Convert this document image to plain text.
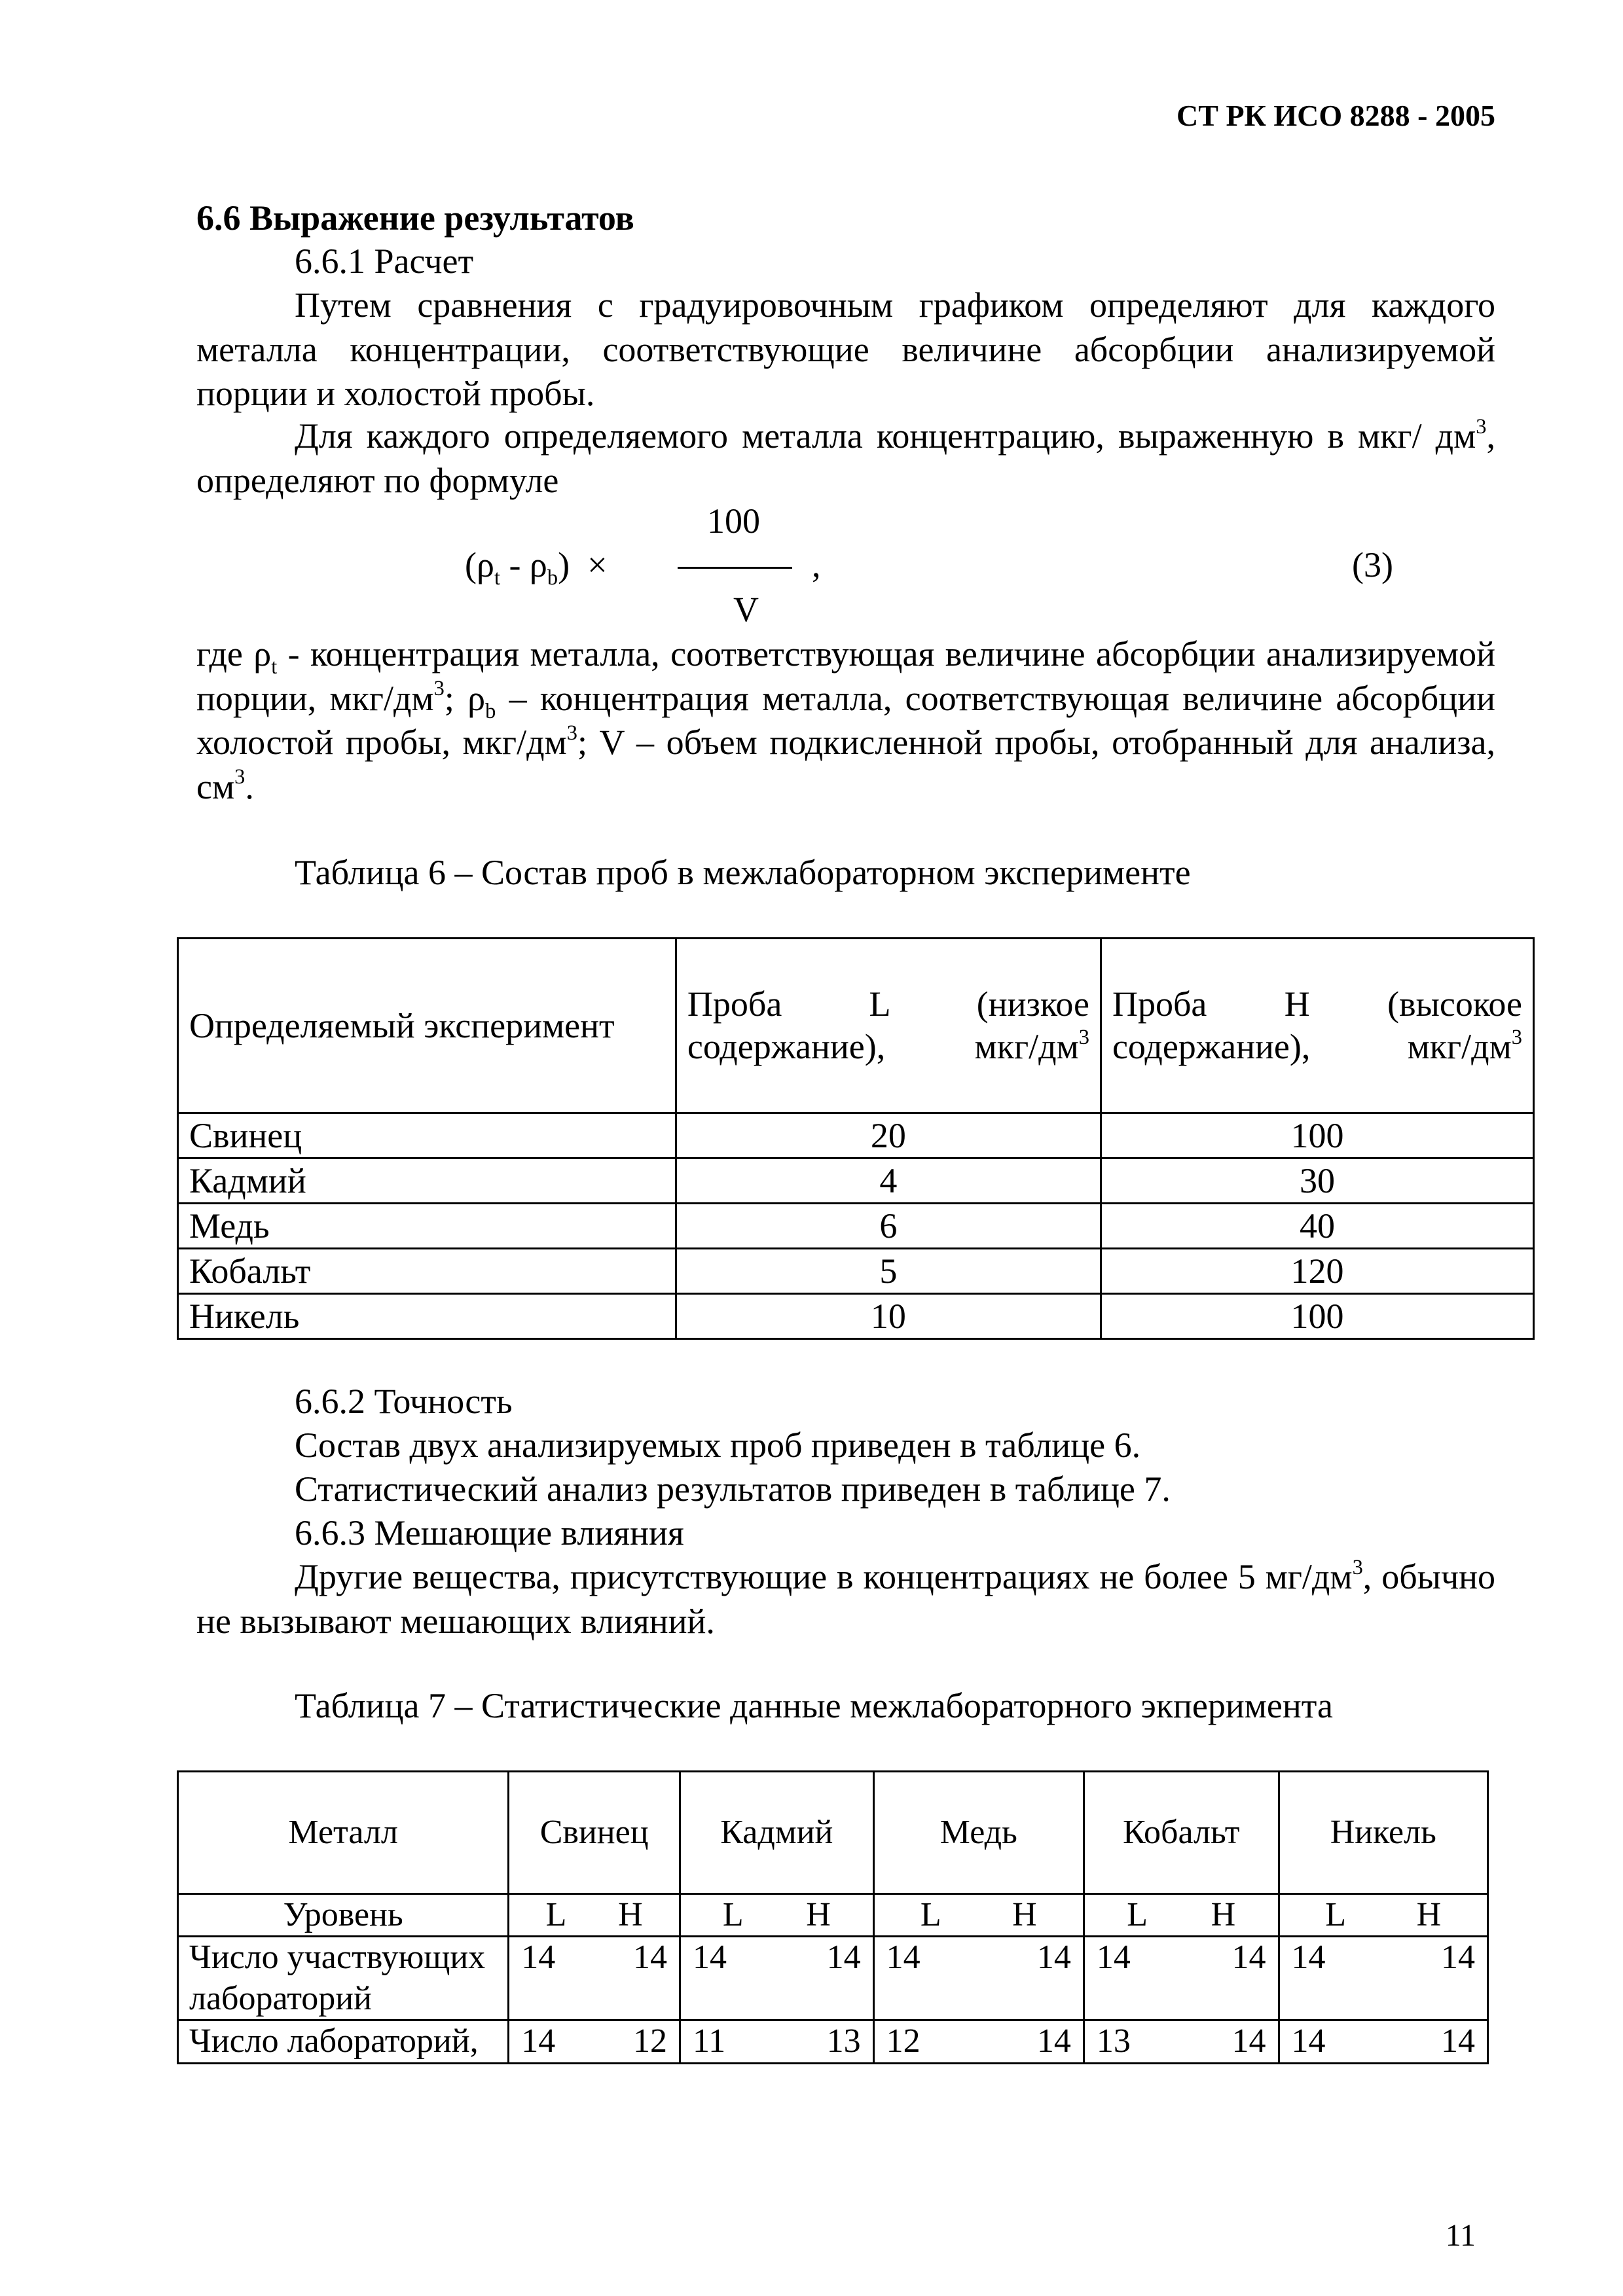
СТ РК ИСО 8288 - 2005
6.6 Выражение результатов
6.6.1 Расчет
Путем сравнения с градуировочным графиком определяют для каждого металла концентрации, соответствующие величине абсорбции анализируемой порции и холостой пробы.
Для каждого определяемого металла концентрацию, выраженную в мкг/ $дм^3$, определяют по формуле
100
$(\rho_t - \rho_b)$ ×	,	(3)
V
где $\rho_t$ - концентрация металла, соответствующая величине абсорбции анализируемой порции, мкг/$дм^3$; $\rho_b$ – концентрация металла, соответствующая величине абсорбции холостой пробы, мкг/$дм^3$; V – объем подкисленной пробы, отобранный для анализа, $см^3$.
Таблица 6 – Состав проб в межлабораторном эксперименте
Определяемый эксперимент	Проба L (низкое содержание), мкг/$дм^3$	Проба H (высокое содержание), мкг/$дм^3$
Свинец	20	100
Кадмий	4	30
Медь	6	40
Кобальт	5	120
Никель	10	100
6.6.2 Точность
Состав двух анализируемых проб приведен в таблице 6.
Статистический анализ результатов приведен в таблице 7.
6.6.3 Мешающие влияния
Другие вещества, присутствующие в концентрациях не более 5 $мг/дм^3$, обычно не вызывают мешающих влияний.
Таблица 7 – Статистические данные межлабораторного экперимента
Металл	Свинец	Кадмий	Медь	Кобальт	Никель
Уровень	L H	L H	L H	L H	L H

Число участвующих лабораторий	14 14	14 14	14 14	14 14	14 14

Число лабораторий,	14 12	11 13	12 14	13 14	14 14
11
